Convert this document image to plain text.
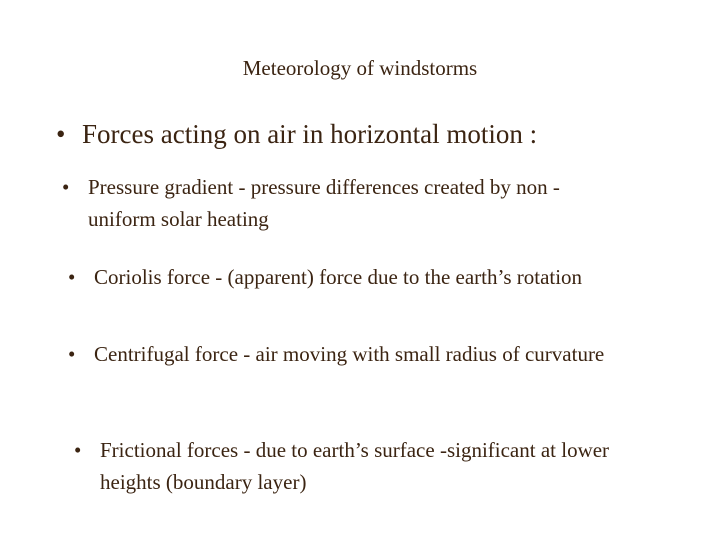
Meteorology of windstorms
• Forces acting on air in horizontal motion :
• Pressure gradient - pressure differences created by non - uniform solar heating
• Coriolis force - (apparent) force due to the earth’s rotation
• Centrifugal force - air moving with small radius of curvature
• Frictional forces - due to earth’s surface -significant at lower heights (boundary layer)
